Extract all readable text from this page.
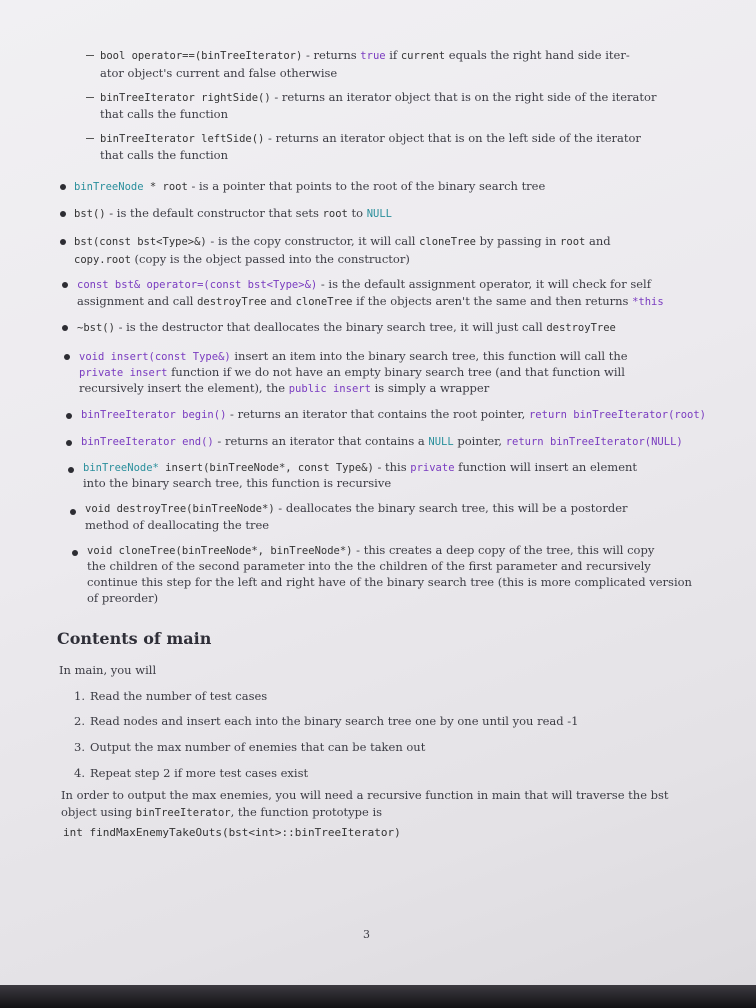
bool operator==(binTreeIterator) - returns true if current equals the right hand side iter-
ator object's current and false otherwise
binTreeIterator rightSide() - returns an iterator object that is on the right side of the iterator
that calls the function
binTreeIterator leftSide() - returns an iterator object that is on the left side of the iterator
that calls the function
binTreeNode * root - is a pointer that points to the root of the binary search tree
bst() - is the default constructor that sets root to NULL
bst(const bst<Type>&) - is the copy constructor, it will call cloneTree by passing in root and
copy.root (copy is the object passed into the constructor)
const bst& operator=(const bst<Type>&) - is the default assignment operator, it will check for self
assignment and call destroyTree and cloneTree if the objects aren't the same and then returns *this
~bst() - is the destructor that deallocates the binary search tree, it will just call destroyTree
void insert(const Type&) insert an item into the binary search tree, this function will call the
private insert function if we do not have an empty binary search tree (and that function will
recursively insert the element), the public insert is simply a wrapper
binTreeIterator begin() - returns an iterator that contains the root pointer, return binTreeIterator(root)
binTreeIterator end() - returns an iterator that contains a NULL pointer, return binTreeIterator(NULL)
binTreeNode* insert(binTreeNode*, const Type&) - this private function will insert an element
into the binary search tree, this function is recursive
void destroyTree(binTreeNode*) - deallocates the binary search tree, this will be a postorder
method of deallocating the tree
void cloneTree(binTreeNode*, binTreeNode*) - this creates a deep copy of the tree, this will copy
the children of the second parameter into the the children of the first parameter and recursively
continue this step for the left and right have of the binary search tree (this is more complicated version
of preorder)
Contents of main
In main, you will
1. Read the number of test cases
2. Read nodes and insert each into the binary search tree one by one until you read -1
3. Output the max number of enemies that can be taken out
4. Repeat step 2 if more test cases exist
In order to output the max enemies, you will need a recursive function in main that will traverse the bst
object using binTreeIterator, the function prototype is
int findMaxEnemyTakeOuts(bst<int>::binTreeIterator)
3
